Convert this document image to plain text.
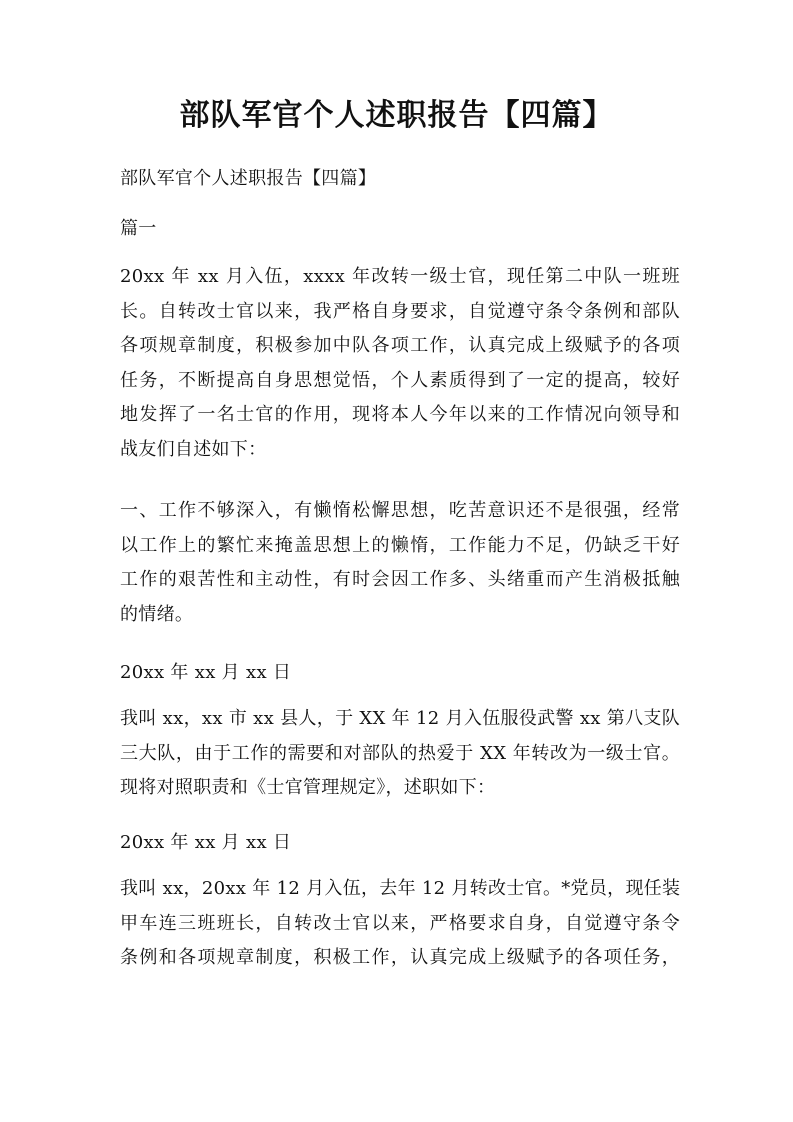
部队军官个人述职报告【四篇】
部队军官个人述职报告【四篇】
篇一
20xx 年 xx 月入伍，xxxx 年改转一级士官，现任第二中队一班班
长。自转改士官以来，我严格自身要求，自觉遵守条令条例和部队
各项规章制度，积极参加中队各项工作，认真完成上级赋予的各项
任务，不断提高自身思想觉悟，个人素质得到了一定的提高，较好
地发挥了一名士官的作用，现将本人今年以来的工作情况向领导和
战友们自述如下：
一、工作不够深入，有懒惰松懈思想，吃苦意识还不是很强，经常
以工作上的繁忙来掩盖思想上的懒惰，工作能力不足，仍缺乏干好
工作的艰苦性和主动性，有时会因工作多、头绪重而产生消极抵触
的情绪。
20xx 年 xx 月 xx 日
我叫 xx，xx 市 xx 县人，于 XX 年 12 月入伍服役武警 xx 第八支队
三大队，由于工作的需要和对部队的热爱于 XX 年转改为一级士官。
现将对照职责和《士官管理规定》，述职如下：
20xx 年 xx 月 xx 日
我叫 xx，20xx 年 12 月入伍，去年 12 月转改士官。*党员，现任装
甲车连三班班长，自转改士官以来，严格要求自身，自觉遵守条令
条例和各项规章制度，积极工作，认真完成上级赋予的各项任务，
